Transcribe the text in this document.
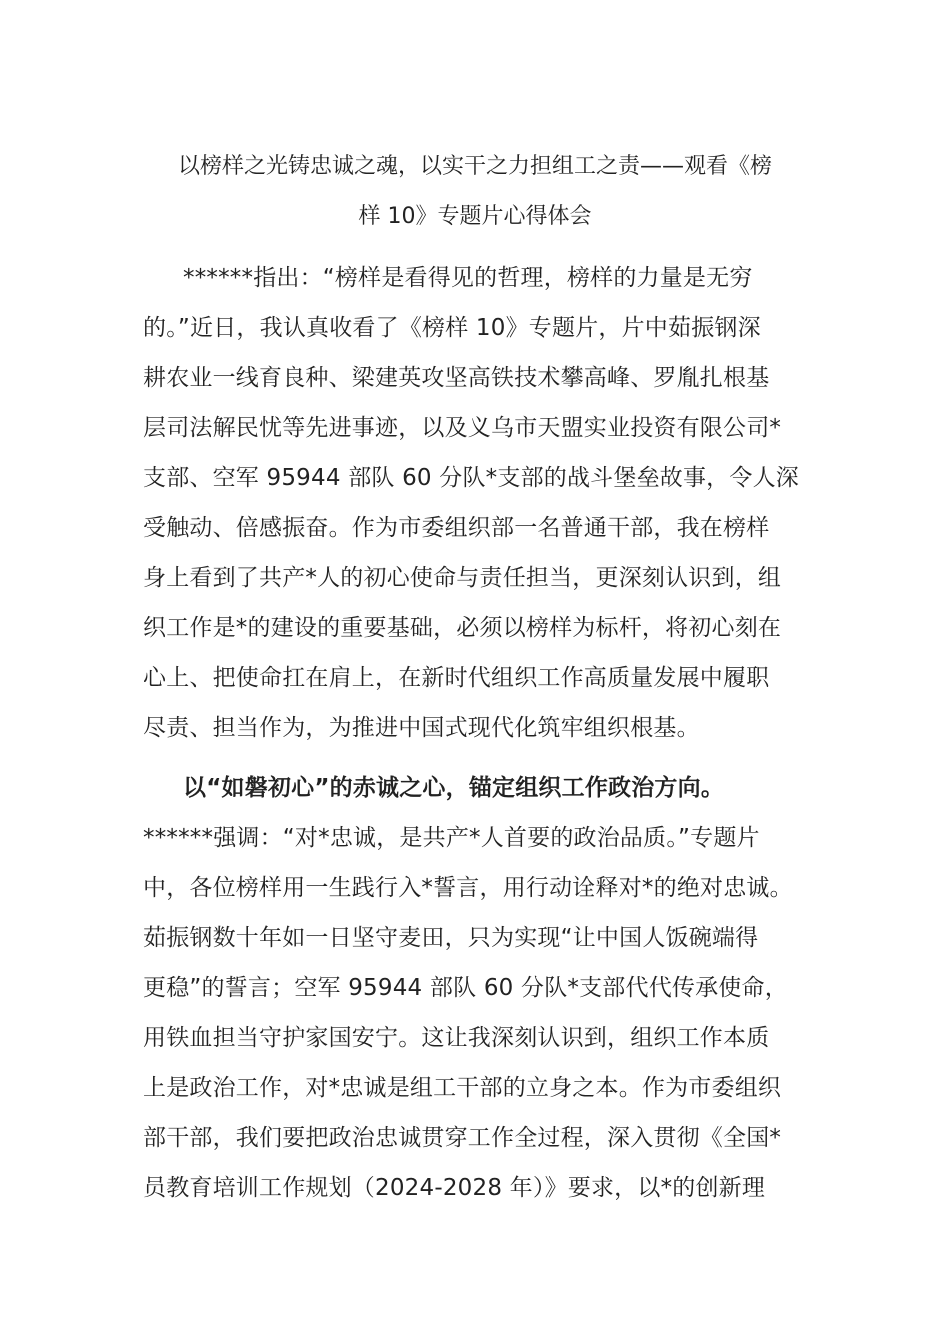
以榜样之光铸忠诚之魂，以实干之力担组工之责——观看《榜
样 10》专题片心得体会
******指出：“榜样是看得见的哲理，榜样的力量是无穷
的。”近日，我认真收看了《榜样 10》专题片，片中茹振钢深
耕农业一线育良种、梁建英攻坚高铁技术攀高峰、罗胤扎根基
层司法解民忧等先进事迹，以及义乌市天盟实业投资有限公司*
支部、空军 95944 部队 60 分队*支部的战斗堡垒故事，令人深
受触动、倍感振奋。作为市委组织部一名普通干部，我在榜样
身上看到了共产*人的初心使命与责任担当，更深刻认识到，组
织工作是*的建设的重要基础，必须以榜样为标杆，将初心刻在
心上、把使命扛在肩上，在新时代组织工作高质量发展中履职
尽责、担当作为，为推进中国式现代化筑牢组织根基。
以“如磐初心”的赤诚之心，锚定组织工作政治方向。
******强调：“对*忠诚，是共产*人首要的政治品质。”专题片
中，各位榜样用一生践行入*誓言，用行动诠释对*的绝对忠诚。
茹振钢数十年如一日坚守麦田，只为实现“让中国人饭碗端得
更稳”的誓言；空军 95944 部队 60 分队*支部代代传承使命，
用铁血担当守护家国安宁。这让我深刻认识到，组织工作本质
上是政治工作，对*忠诚是组工干部的立身之本。作为市委组织
部干部，我们要把政治忠诚贯穿工作全过程，深入贯彻《全国*
员教育培训工作规划（2024-2028 年）》要求，以*的创新理
